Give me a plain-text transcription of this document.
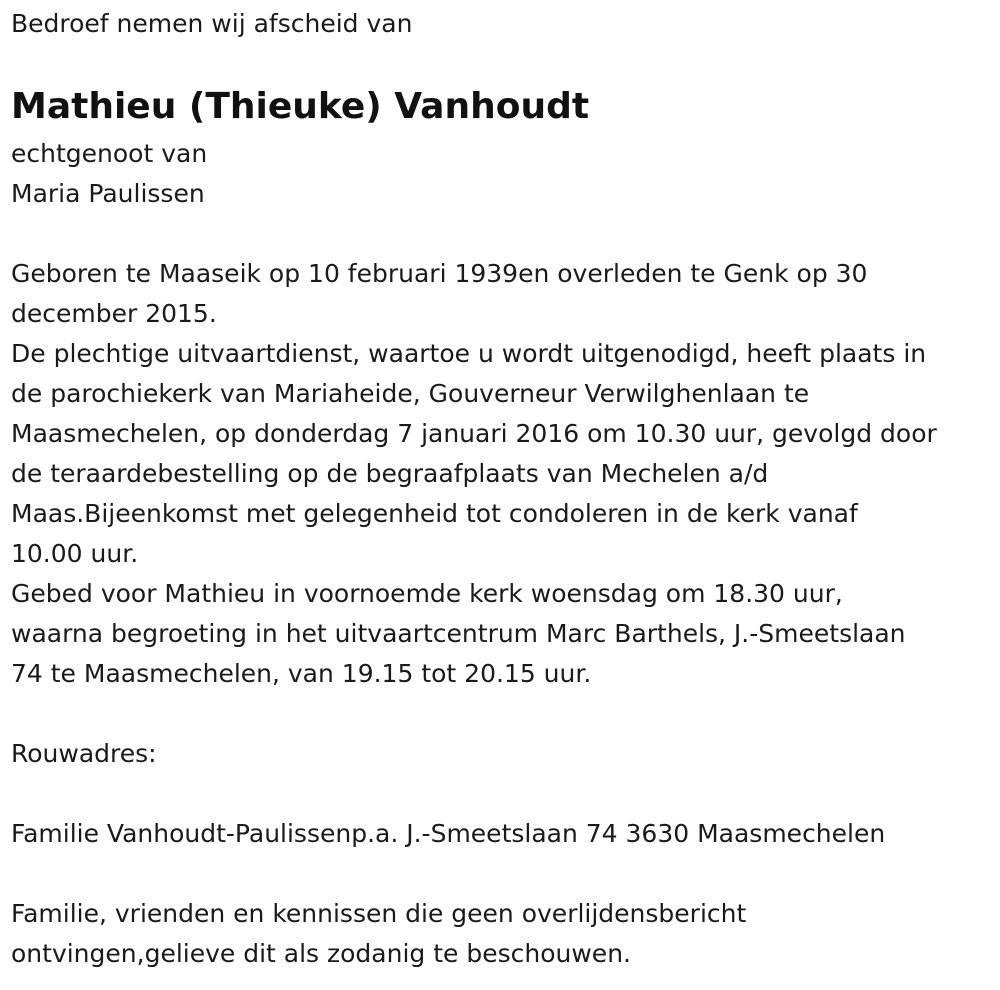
Bedroef nemen wij afscheid van

Mathieu (Thieuke) Vanhoudt

echtgenoot van

Maria Paulissen

Geboren te Maaseik op 10 februari 1939en overleden te Genk op 30

december 2015.

De plechtige uitvaartdienst, waartoe u wordt uitgenodigd, heeft plaats in

de parochiekerk van Mariaheide, Gouverneur Verwilghenlaan te

Maasmechelen, op donderdag 7 januari 2016 om 10.30 uur, gevolgd door

de teraardebestelling op de begraafplaats van Mechelen a/d

Maas.Bijeenkomst met gelegenheid tot condoleren in de kerk vanaf

10.00 uur.

Gebed voor Mathieu in voornoemde kerk woensdag om 18.30 uur,

waarna begroeting in het uitvaartcentrum Marc Barthels, J.-Smeetslaan

74 te Maasmechelen, van 19.15 tot 20.15 uur.

Rouwadres:

Familie Vanhoudt-Paulissenp.a. J.-Smeetslaan 74 3630 Maasmechelen

Familie, vrienden en kennissen die geen overlijdensbericht

ontvingen,gelieve dit als zodanig te beschouwen.
